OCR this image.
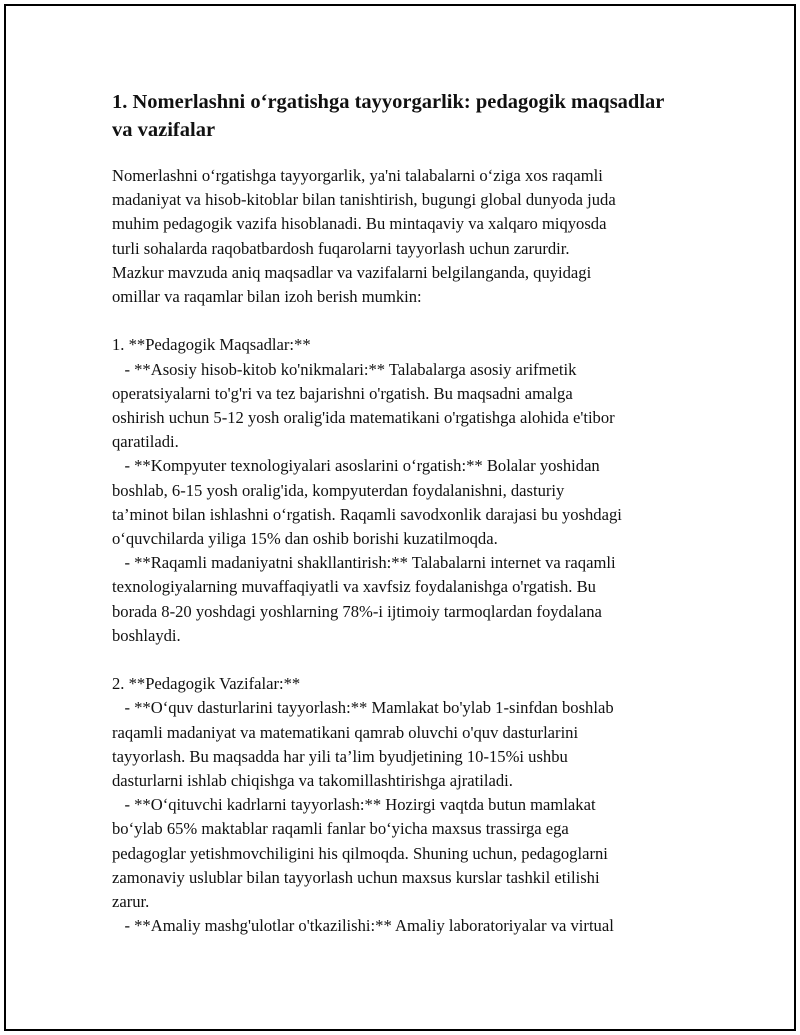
1. Nomerlashni o‘rgatishga tayyorgarlik: pedagogik maqsadlar
va vazifalar

Nomerlashni o‘rgatishga tayyorgarlik, ya'ni talabalarni o‘ziga xos raqamli

madaniyat va hisob-kitoblar bilan tanishtirish, bugungi global dunyoda juda

muhim pedagogik vazifa hisoblanadi. Bu mintaqaviy va xalqaro miqyosda

turli sohalarda raqobatbardosh fuqarolarni tayyorlash uchun zarurdir.

Mazkur mavzuda aniq maqsadlar va vazifalarni belgilanganda, quyidagi

omillar va raqamlar bilan izoh berish mumkin:

1. **Pedagogik Maqsadlar:**

- **Asosiy hisob-kitob ko'nikmalari:** Talabalarga asosiy arifmetik

operatsiyalarni to'g'ri va tez bajarishni o'rgatish. Bu maqsadni amalga

oshirish uchun 5-12 yosh oralig'ida matematikani o'rgatishga alohida e'tibor

qaratiladi.

- **Kompyuter texnologiyalari asoslarini o‘rgatish:** Bolalar yoshidan

boshlab, 6-15 yosh oralig'ida, kompyuterdan foydalanishni, dasturiy

ta’minot bilan ishlashni o‘rgatish. Raqamli savodxonlik darajasi bu yoshdagi

o‘quvchilarda yiliga 15% dan oshib borishi kuzatilmoqda.

- **Raqamli madaniyatni shakllantirish:** Talabalarni internet va raqamli

texnologiyalarning muvaffaqiyatli va xavfsiz foydalanishga o'rgatish. Bu

borada 8-20 yoshdagi yoshlarning 78%-i ijtimoiy tarmoqlardan foydalana

boshlaydi.

2. **Pedagogik Vazifalar:**

- **O‘quv dasturlarini tayyorlash:** Mamlakat bo'ylab 1-sinfdan boshlab

raqamli madaniyat va matematikani qamrab oluvchi o'quv dasturlarini

tayyorlash. Bu maqsadda har yili ta’lim byudjetining 10-15%i ushbu

dasturlarni ishlab chiqishga va takomillashtirishga ajratiladi.

- **O‘qituvchi kadrlarni tayyorlash:** Hozirgi vaqtda butun mamlakat

bo‘ylab 65% maktablar raqamli fanlar bo‘yicha maxsus trassirga ega

pedagoglar yetishmovchiligini his qilmoqda. Shuning uchun, pedagoglarni

zamonaviy uslublar bilan tayyorlash uchun maxsus kurslar tashkil etilishi

zarur.

- **Amaliy mashg'ulotlar o'tkazilishi:** Amaliy laboratoriyalar va virtual
